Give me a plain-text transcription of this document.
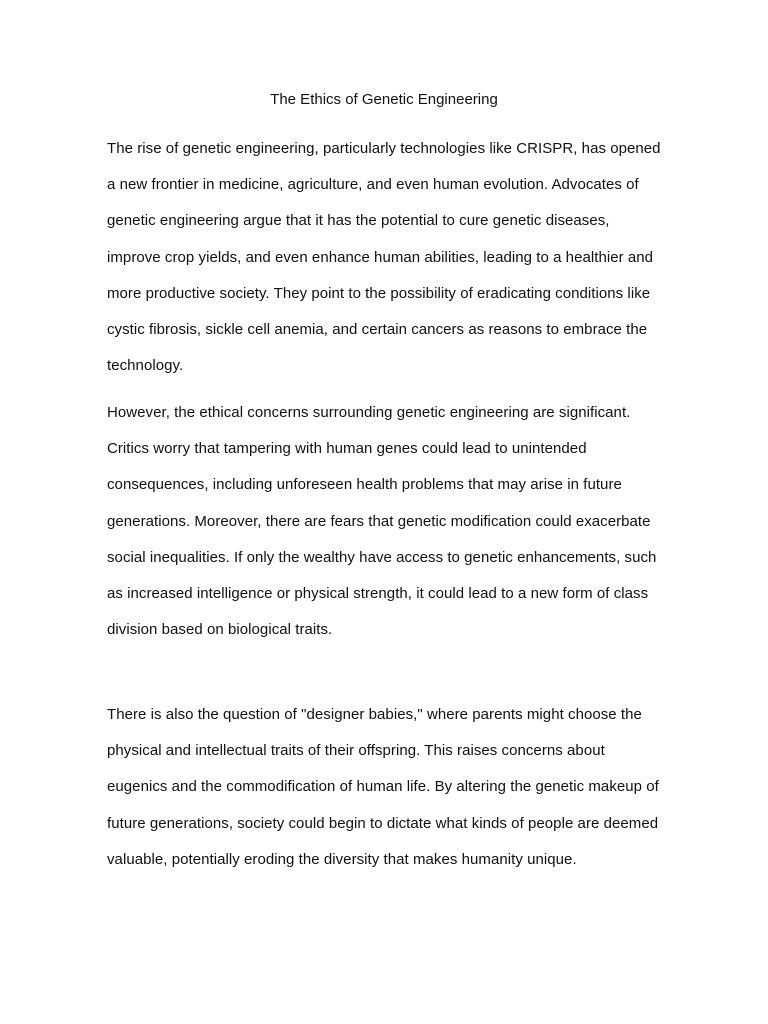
The Ethics of Genetic Engineering

The rise of genetic engineering, particularly technologies like CRISPR, has opened a new frontier in medicine, agriculture, and even human evolution. Advocates of genetic engineering argue that it has the potential to cure genetic diseases, improve crop yields, and even enhance human abilities, leading to a healthier and more productive society. They point to the possibility of eradicating conditions like cystic fibrosis, sickle cell anemia, and certain cancers as reasons to embrace the technology.

However, the ethical concerns surrounding genetic engineering are significant. Critics worry that tampering with human genes could lead to unintended consequences, including unforeseen health problems that may arise in future generations. Moreover, there are fears that genetic modification could exacerbate social inequalities. If only the wealthy have access to genetic enhancements, such as increased intelligence or physical strength, it could lead to a new form of class division based on biological traits.

There is also the question of "designer babies," where parents might choose the physical and intellectual traits of their offspring. This raises concerns about eugenics and the commodification of human life. By altering the genetic makeup of future generations, society could begin to dictate what kinds of people are deemed valuable, potentially eroding the diversity that makes humanity unique.
